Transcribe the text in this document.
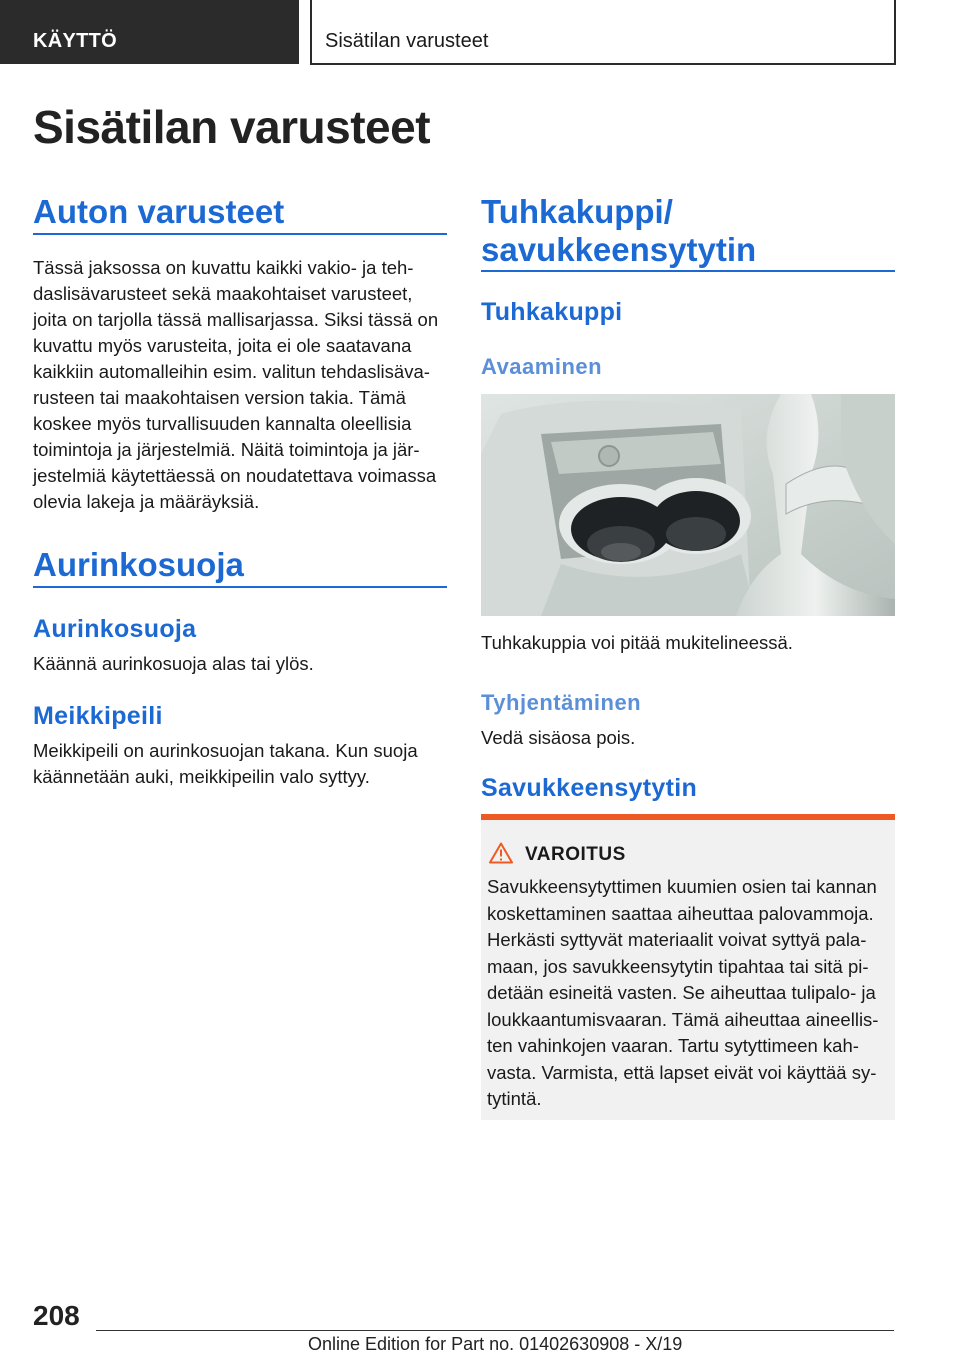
KÄYTTÖ	Sisätilan varusteet
Sisätilan varusteet
Auton varusteet
Tässä jaksossa on kuvattu kaikki vakio- ja teh-
daslisävarusteet sekä maakohtaiset varusteet,
joita on tarjolla tässä mallisarjassa. Siksi tässä on
kuvattu myös varusteita, joita ei ole saatavana
kaikkiin automalleihin esim. valitun tehdaslisäva-
rusteen tai maakohtaisen version takia. Tämä
koskee myös turvallisuuden kannalta oleellisia
toimintoja ja järjestelmiä. Näitä toimintoja ja jär-
jestelmiä käytettäessä on noudatettava voimassa
olevia lakeja ja määräyksiä.
Aurinkosuoja
Aurinkosuoja
Käännä aurinkosuoja alas tai ylös.
Meikkipeili
Meikkipeili on aurinkosuojan takana. Kun suoja
käännetään auki, meikkipeilin valo syttyy.
Tuhkakuppi/
savukkeensytytin
Tuhkakuppi
Avaaminen
Tuhkakuppia voi pitää mukitelineessä.
Tyhjentäminen
Vedä sisäosa pois.
Savukkeensytytin
VAROITUS
Savukkeensytyttimen kuumien osien tai kannan
koskettaminen saattaa aiheuttaa palovammoja.
Herkästi syttyvät materiaalit voivat syttyä pala-
maan, jos savukkeensytytin tipahtaa tai sitä pi-
detään esineitä vasten. Se aiheuttaa tulipalo- ja
loukkaantumisvaaran. Tämä aiheuttaa aineellis-
ten vahinkojen vaaran. Tartu sytyttimeen kah-
vasta. Varmista, että lapset eivät voi käyttää sy-
tytintä.
208
Online Edition for Part no. 01402630908 - X/19
